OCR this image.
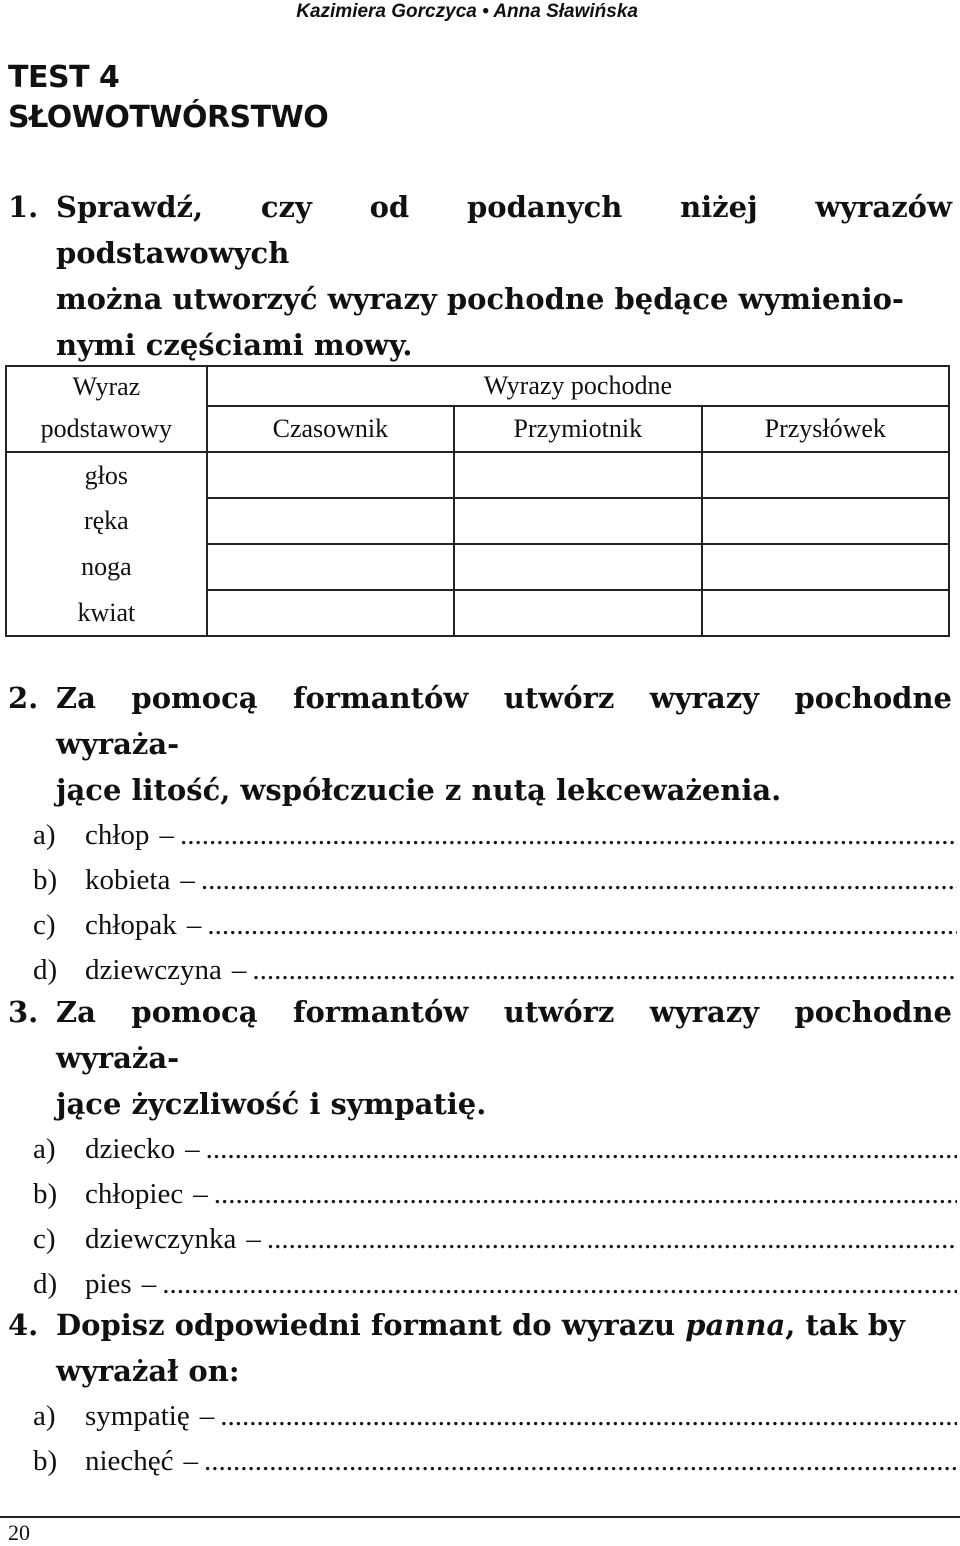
Kazimiera Gorczyca • Anna Sławińska
TEST 4
SŁOWOTWÓRSTWO
1. Sprawdź, czy od podanych niżej wyrazów podstawowych
można utworzyć wyrazy pochodne będące wymienio-
nymi częściami mowy.
Wyraz	Wyrazy pochodne		
podstawowy	Czasownik	Przymiotnik	Przysłówek
głos			
ręka			
noga			
kwiat			
2. Za pomocą formantów utwórz wyrazy pochodne wyraża-
jące litość, współczucie z nutą lekceważenia.
a)	chłop –
.....
b) kobieta –
.....
c)	chłopak –
.....
d) dziewczyna –
.....
3. Za pomocą formantów utwórz wyrazy pochodne wyraża-
jące życzliwość i sympatię.
a)	dziecko –
.....
b) chłopiec –
.....
c)	dziewczynka –
.....
d) pies –
.....
4. Dopisz odpowiedni formant do wyrazu panna, tak by
wyrażał on:
a)	sympatię –
.....
b) niechęć –
.....
20
